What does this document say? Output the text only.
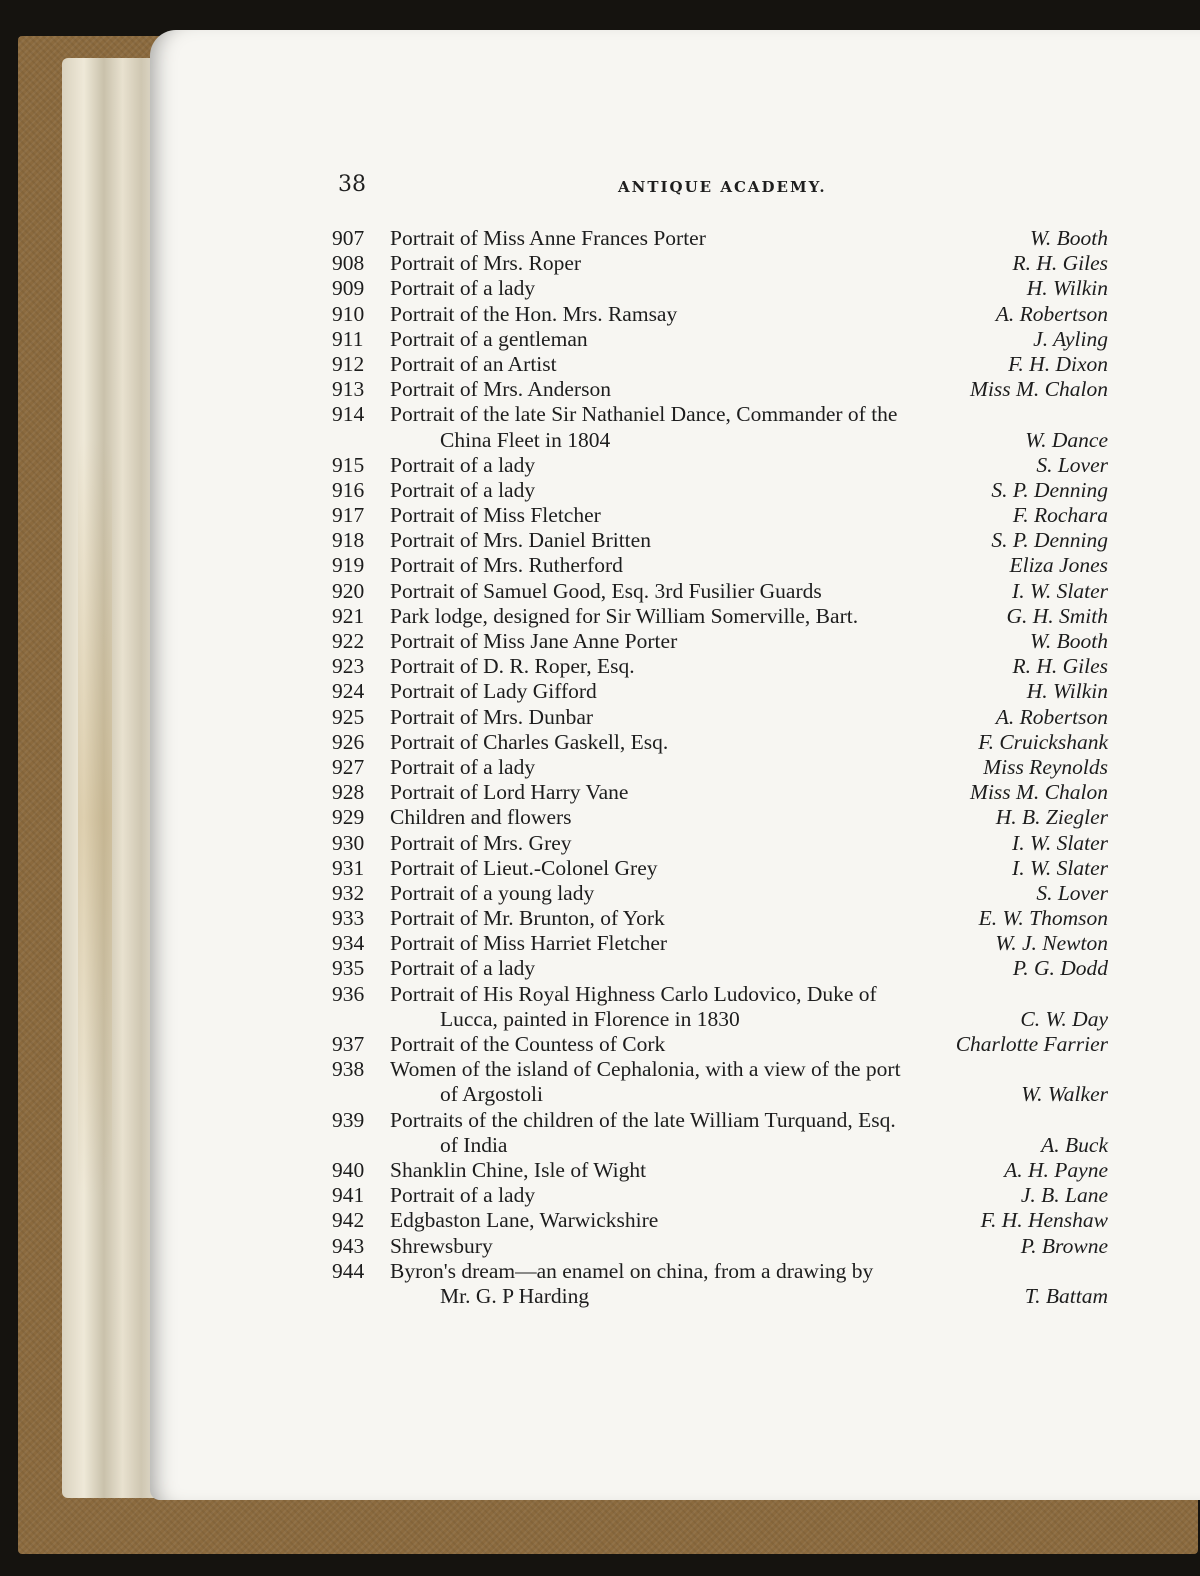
38	ANTIQUE ACADEMY.
907	Portrait of Miss Anne Frances Porter	W. Booth
908	Portrait of Mrs. Roper	R. H. Giles
909	Portrait of a lady	H. Wilkin
910	Portrait of the Hon. Mrs. Ramsay	A. Robertson
911	Portrait of a gentleman	J. Ayling
912	Portrait of an Artist	F. H. Dixon
913	Portrait of Mrs. Anderson	Miss M. Chalon
914	Portrait of the late Sir Nathaniel Dance, Commander of the
China Fleet in 1804	W. Dance
915	Portrait of a lady	S. Lover
916	Portrait of a lady	S. P. Denning
917	Portrait of Miss Fletcher	F. Rochara
918	Portrait of Mrs. Daniel Britten	S. P. Denning
919	Portrait of Mrs. Rutherford	Eliza Jones
920	Portrait of Samuel Good, Esq. 3rd Fusilier Guards	I. W. Slater
921	Park lodge, designed for Sir William Somerville, Bart.	G. H. Smith
922	Portrait of Miss Jane Anne Porter	W. Booth
923	Portrait of D. R. Roper, Esq.	R. H. Giles
924	Portrait of Lady Gifford	H. Wilkin
925	Portrait of Mrs. Dunbar	A. Robertson
926	Portrait of Charles Gaskell, Esq.	F. Cruickshank
927	Portrait of a lady	Miss Reynolds
928	Portrait of Lord Harry Vane	Miss M. Chalon
929	Children and flowers	H. B. Ziegler
930	Portrait of Mrs. Grey	I. W. Slater
931	Portrait of Lieut.-Colonel Grey	I. W. Slater
932	Portrait of a young lady	S. Lover
933	Portrait of Mr. Brunton, of York	E. W. Thomson
934	Portrait of Miss Harriet Fletcher	W. J. Newton
935	Portrait of a lady	P. G. Dodd
936	Portrait of His Royal Highness Carlo Ludovico, Duke of
Lucca, painted in Florence in 1830	C. W. Day
937	Portrait of the Countess of Cork	Charlotte Farrier
938	Women of the island of Cephalonia, with a view of the port
of Argostoli	W. Walker
939	Portraits of the children of the late William Turquand, Esq.
of India	A. Buck
940	Shanklin Chine, Isle of Wight	A. H. Payne
941	Portrait of a lady	J. B. Lane
942	Edgbaston Lane, Warwickshire	F. H. Henshaw
943	Shrewsbury	P. Browne
944	Byron's dream—an enamel on china, from a drawing by
Mr. G. P Harding	T. Battam
